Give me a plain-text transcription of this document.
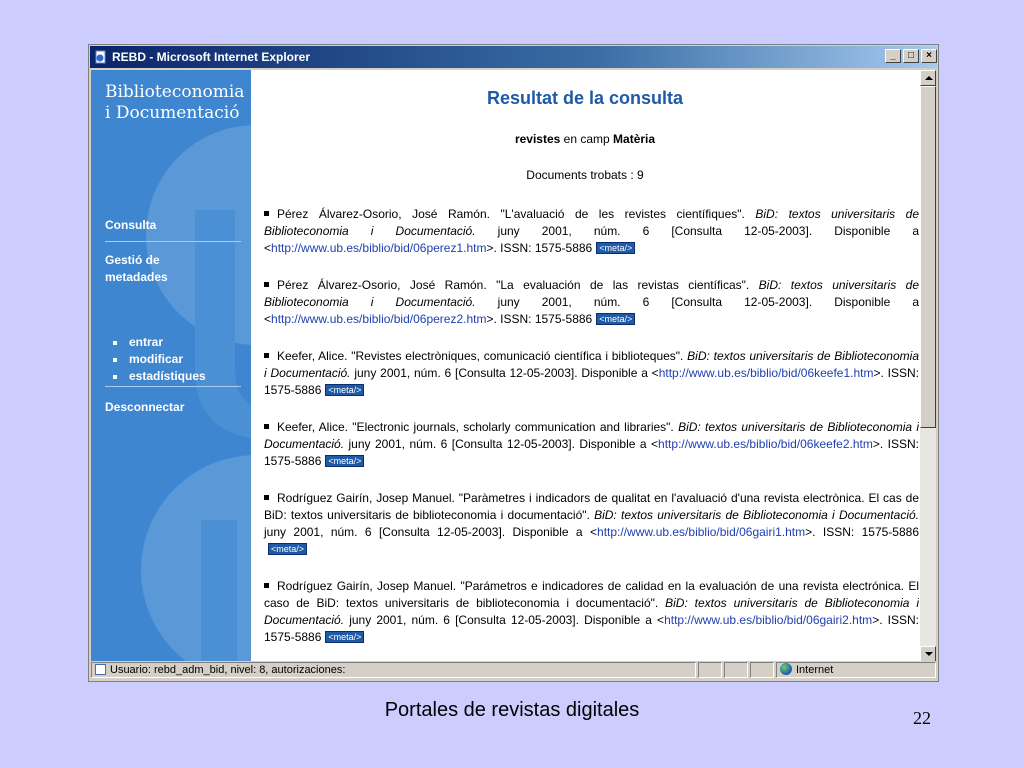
REBD - Microsoft Internet Explorer	_	□	×
Biblioteconomia
i Documentació
Consulta
Gestió de
metadades
entrar
modificar
estadístiques
Desconnectar
Resultat de la consulta
revistes en camp Matèria
Documents trobats : 9
Pérez Álvarez-Osorio, José Ramón. "L'avaluació de les revistes científiques". BiD: textos universitaris de Biblioteconomia i Documentació. juny 2001, núm. 6 [Consulta 12-05-2003]. Disponible a <http://www.ub.es/biblio/bid/06perez1.htm>. ISSN: 1575-5886 <meta/>
Pérez Álvarez-Osorio, José Ramón. "La evaluación de las revistas científicas". BiD: textos universitaris de Biblioteconomia i Documentació. juny 2001, núm. 6 [Consulta 12-05-2003]. Disponible a <http://www.ub.es/biblio/bid/06perez2.htm>. ISSN: 1575-5886 <meta/>
Keefer, Alice. "Revistes electròniques, comunicació científica i biblioteques". BiD: textos universitaris de Biblioteconomia i Documentació. juny 2001, núm. 6 [Consulta 12-05-2003]. Disponible a <http://www.ub.es/biblio/bid/06keefe1.htm>. ISSN: 1575-5886 <meta/>
Keefer, Alice. "Electronic journals, scholarly communication and libraries". BiD: textos universitaris de Biblioteconomia i Documentació. juny 2001, núm. 6 [Consulta 12-05-2003]. Disponible a <http://www.ub.es/biblio/bid/06keefe2.htm>. ISSN: 1575-5886 <meta/>
Rodríguez Gairín, Josep Manuel. "Paràmetres i indicadors de qualitat en l'avaluació d'una revista electrònica. El cas de BiD: textos universitaris de biblioteconomia i documentació". BiD: textos universitaris de Biblioteconomia i Documentació. juny 2001, núm. 6 [Consulta 12-05-2003]. Disponible a <http://www.ub.es/biblio/bid/06gairi1.htm>. ISSN: 1575-5886<meta/>
Rodríguez Gairín, Josep Manuel. "Parámetros e indicadores de calidad en la evaluación de una revista electrónica. El caso de BiD: textos universitaris de biblioteconomia i documentació". BiD: textos universitaris de Biblioteconomia i Documentació. juny 2001, núm. 6 [Consulta 12-05-2003]. Disponible a <http://www.ub.es/biblio/bid/06gairi2.htm>. ISSN: 1575-5886 <meta/>
Usuario: rebd_adm_bid, nivel: 8, autorizaciones:	Internet
Portales de revistas digitales	22
